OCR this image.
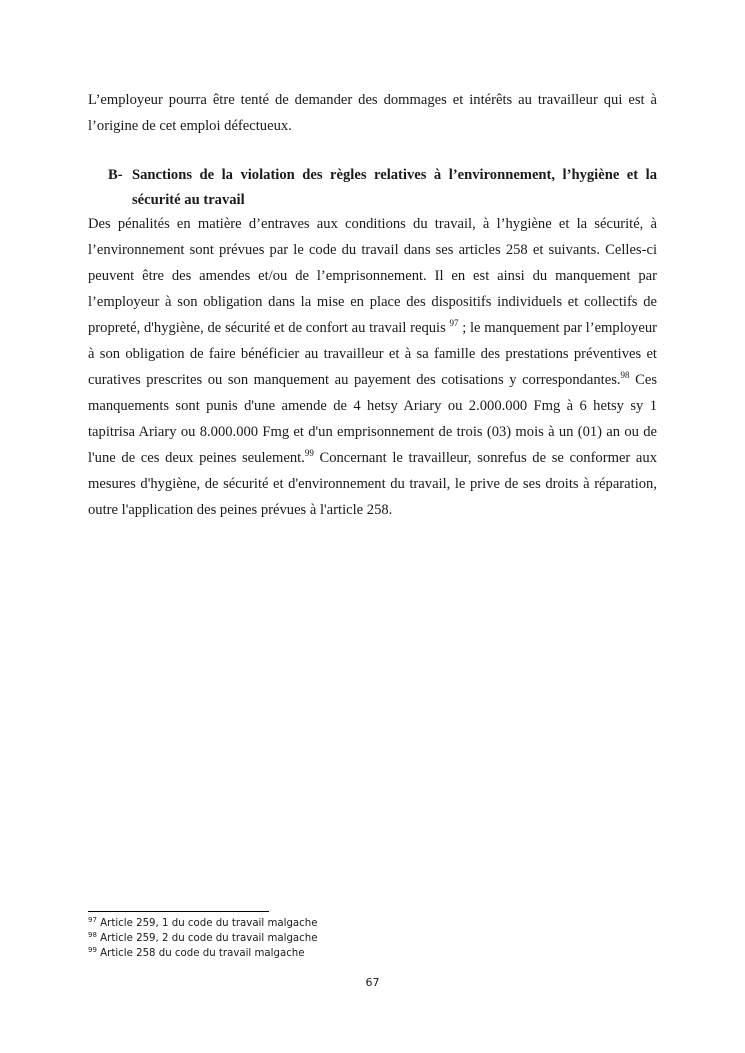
L’employeur pourra être tenté de demander des dommages et intérêts au travailleur qui est à l’origine de cet emploi défectueux.

B- Sanctions de la violation des règles relatives à l’environnement, l’hygiène et la sécurité au travail

Des pénalités en matière d’entraves aux conditions du travail, à l’hygiène et la sécurité, à l’environnement sont prévues par le code du travail dans ses articles 258 et suivants. Celles-ci peuvent être des amendes et/ou de l’emprisonnement. Il en est ainsi du manquement par l’employeur à son obligation dans la mise en place des dispositifs individuels et collectifs de propreté, d'hygiène, de sécurité et de confort au travail requis $^{97}$ ; le manquement par l’employeur à son obligation de faire bénéficier au travailleur et à sa famille des prestations préventives et curatives prescrites ou son manquement au payement des cotisations y correspondantes.$^{98}$ Ces manquements sont punis d'une amende de 4 hetsy Ariary ou 2.000.000 Fmg à 6 hetsy sy 1 tapitrisa Ariary ou 8.000.000 Fmg et d'un emprisonnement de trois (03) mois à un (01) an ou de l'une de ces deux peines seulement.$^{99}$ Concernant le travailleur, sonrefus de se conformer aux mesures d'hygiène, de sécurité et d'environnement du travail, le prive de ses droits à réparation, outre l'application des peines prévues à l'article 258.

$^{97}$ Article 259, 1 du code du travail malgache
$^{98}$ Article 259, 2 du code du travail malgache
$^{99}$ Article 258 du code du travail malgache
67
